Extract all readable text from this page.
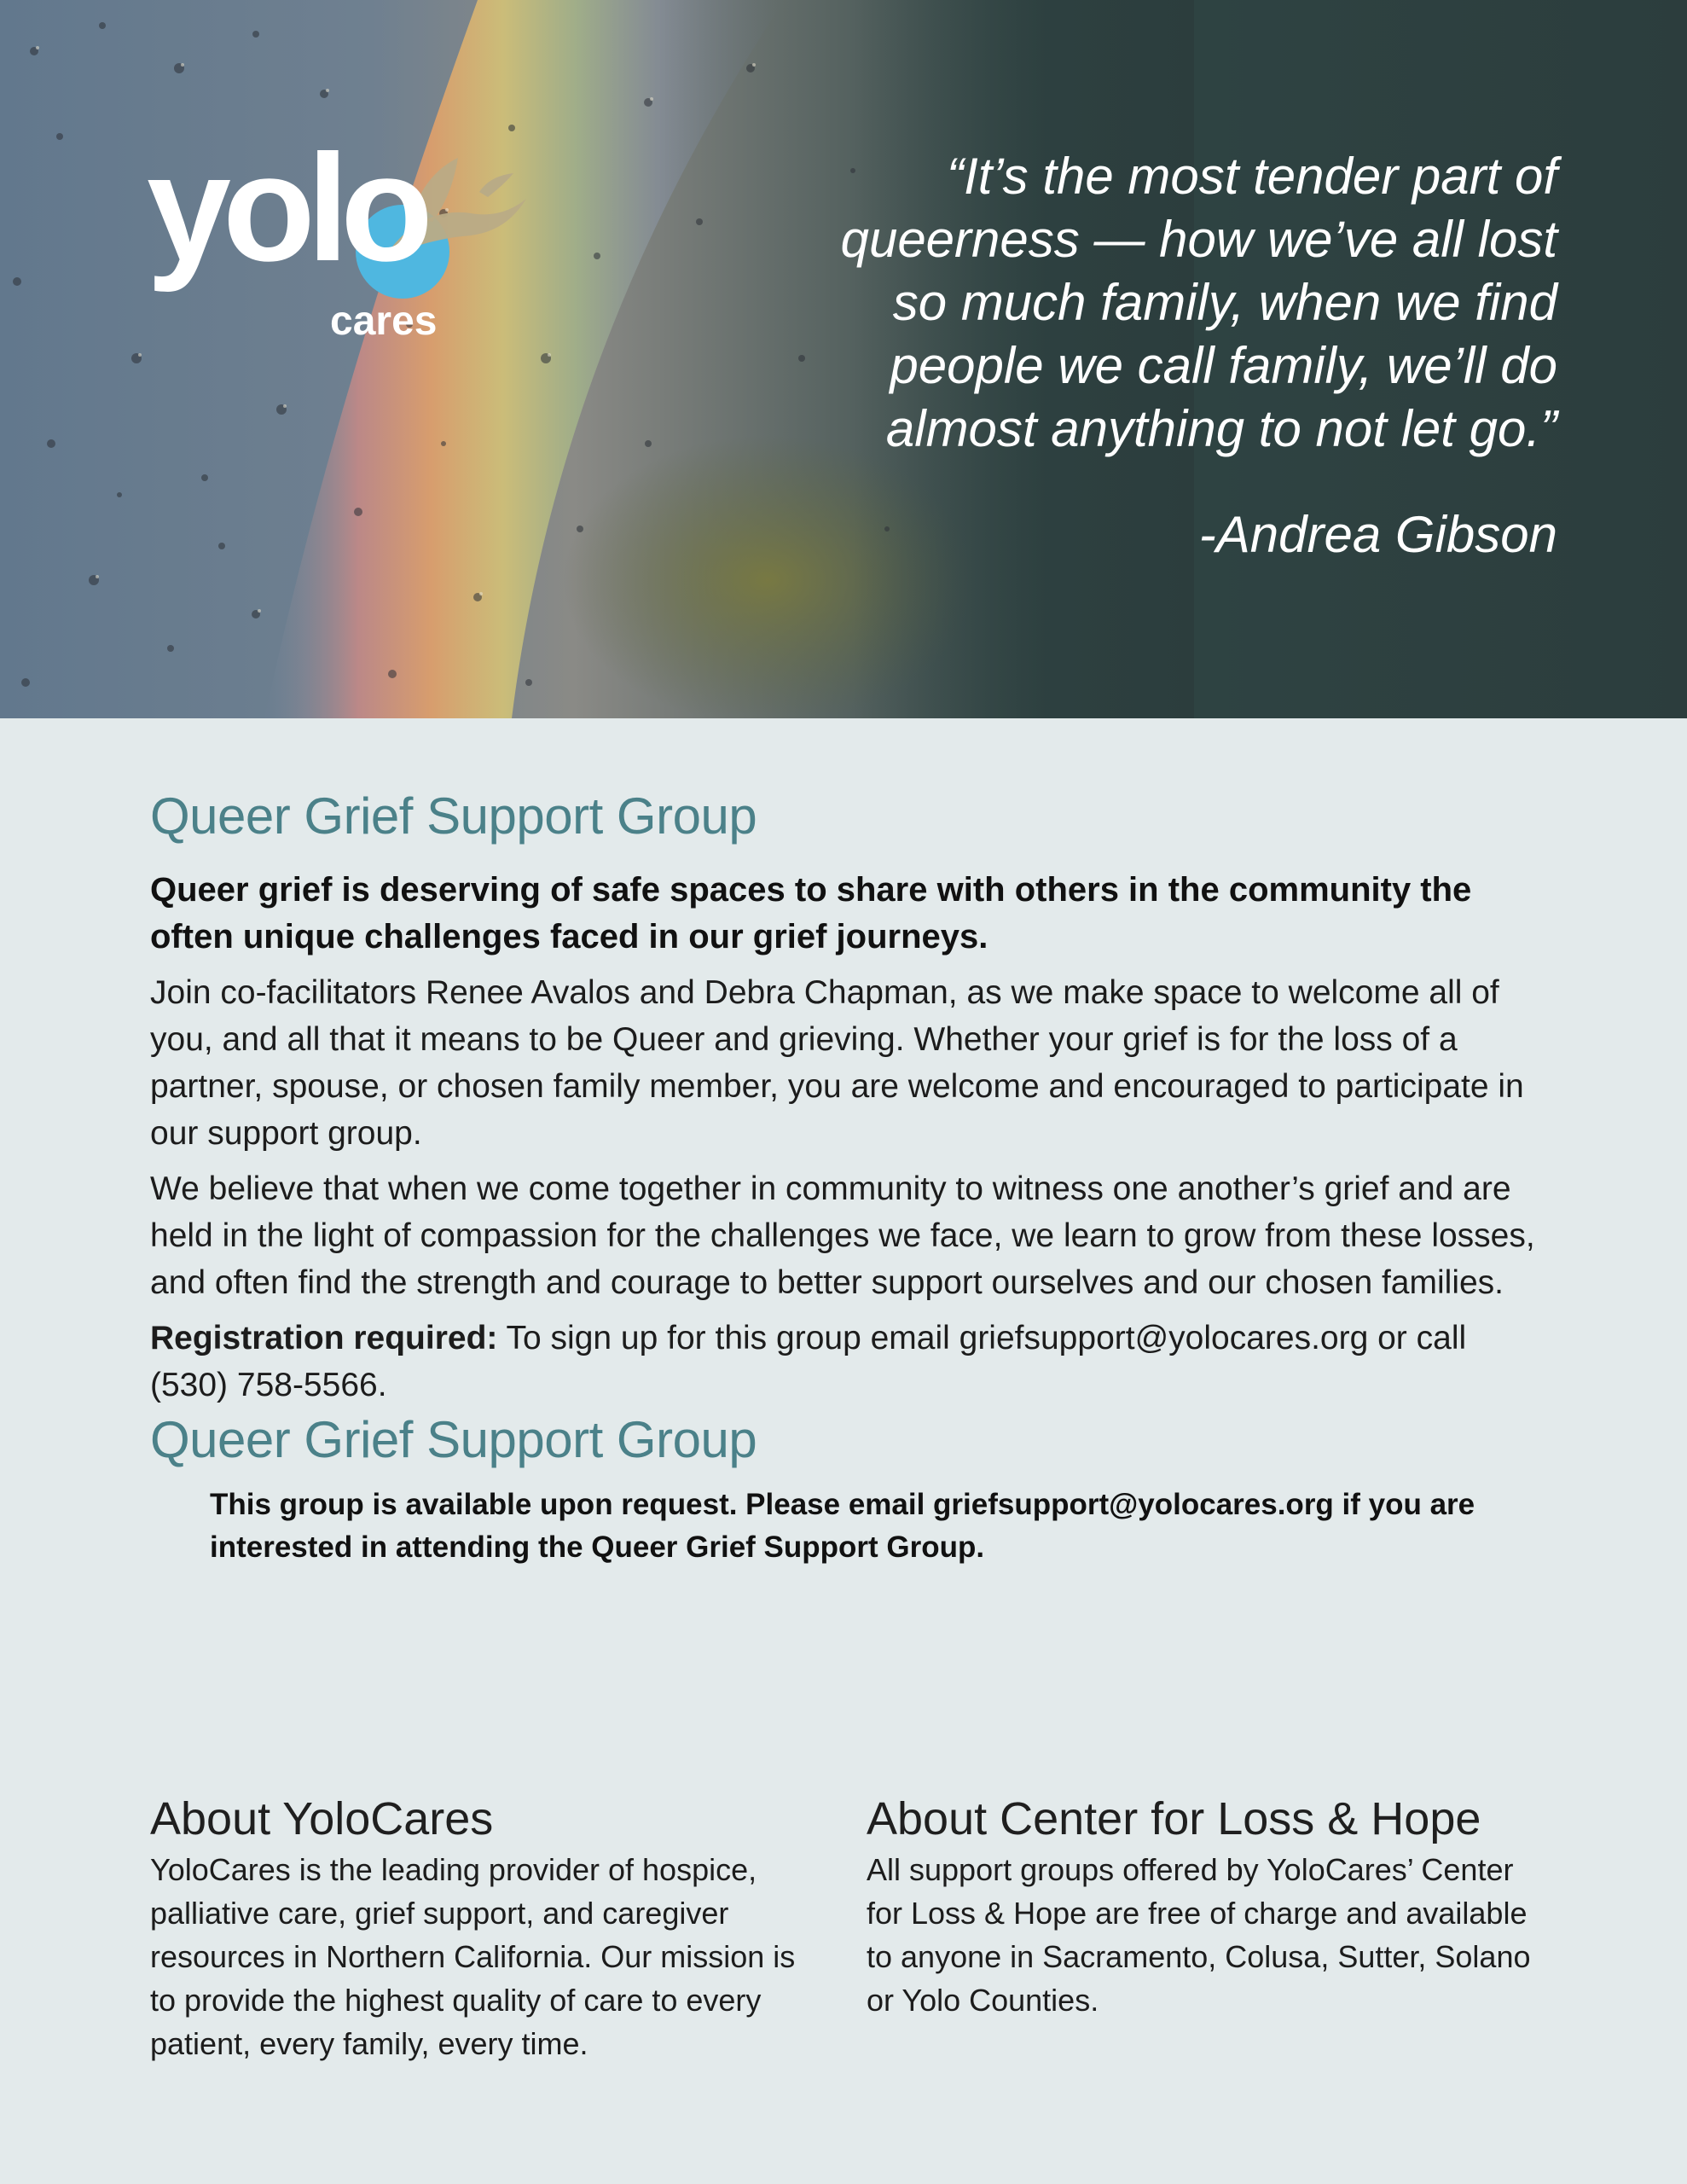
yolo
cares
“It’s the most tender part of
queerness — how we’ve all lost
so much family, when we find
people we call family, we’ll do
almost anything to not let go.”
-Andrea Gibson
Queer Grief Support Group

Queer grief is deserving of safe spaces to share with others in the community the often unique challenges faced in our grief journeys.

Join co-facilitators Renee Avalos and Debra Chapman, as we make space to welcome all of you, and all that it means to be Queer and grieving. Whether your grief is for the loss of a partner, spouse, or chosen family member, you are welcome and encouraged to participate in our support group.

We believe that when we come together in community to witness one another’s grief and are held in the light of compassion for the challenges we face, we learn to grow from these losses, and often find the strength and courage to better support ourselves and our chosen families.

Registration required: To sign up for this group email griefsupport@yolocares.org or call (530) 758-5566.

Queer Grief Support Group

This group is available upon request. Please email griefsupport@yolocares.org if you are interested in attending the Queer Grief Support Group.

About YoloCares

YoloCares is the leading provider of hospice, palliative care, grief support, and caregiver resources in Northern California. Our mission is to provide the highest quality of care to every patient, every family, every time.

About Center for Loss & Hope

All support groups offered by YoloCares’ Center for Loss & Hope are free of charge and available to anyone in Sacramento, Colusa, Sutter, Solano or Yolo Counties.
